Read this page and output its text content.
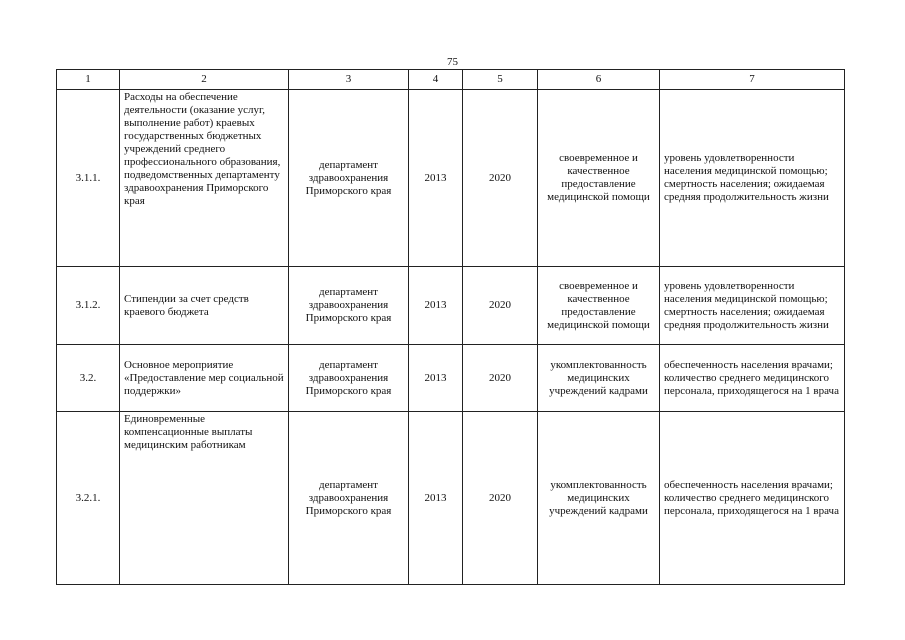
75
1	2	3	4	5	6	7
3.1.1.	Расходы на обеспечение деятельности (оказание услуг, выполнение работ) краевых государственных бюджетных учреждений среднего профессионального образования, подведомственных департаменту здравоохранения Приморского края	департамент здравоохранения Приморского края	2013	2020	своевременное и качественное предоставление медицинской помощи	уровень удовлетворенности населения медицинской помощью; смертность населения; ожидаемая средняя продолжительность жизни
3.1.2.	Стипендии за счет средств краевого бюджета	департамент здравоохранения Приморского края	2013	2020	своевременное и качественное предоставление медицинской помощи	уровень удовлетворенности населения медицинской помощью; смертность населения; ожидаемая средняя продолжительность жизни
3.2.	Основное мероприятие «Предоставление мер социальной поддержки»	департамент здравоохранения Приморского края	2013	2020	укомплектованность медицинских учреждений кадрами	обеспеченность населения врачами; количество среднего медицинского персонала, приходящегося на 1 врача
3.2.1.	Единовременные компенсационные выплаты медицинским работникам	департамент здравоохранения Приморского края	2013	2020	укомплектованность медицинских учреждений кадрами	обеспеченность населения врачами; количество среднего медицинского персонала, приходящегося на 1 врача
